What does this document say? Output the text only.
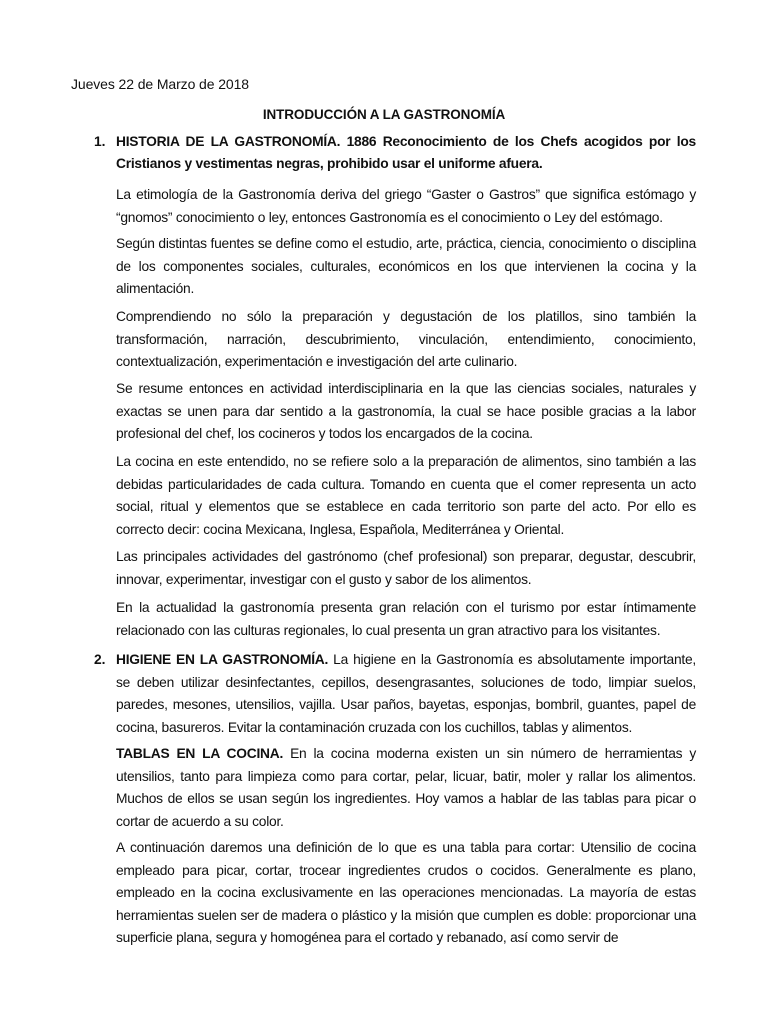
Jueves 22 de Marzo de 2018
INTRODUCCIÓN A LA GASTRONOMÍA
1. HISTORIA DE LA GASTRONOMÍA. 1886 Reconocimiento de los Chefs acogidos por los Cristianos y vestimentas negras, prohibido usar el uniforme afuera.

La etimología de la Gastronomía deriva del griego “Gaster o Gastros” que significa estómago y “gnomos” conocimiento o ley, entonces Gastronomía es el conocimiento o Ley del estómago.

Según distintas fuentes se define como el estudio, arte, práctica, ciencia, conocimiento o disciplina de los componentes sociales, culturales, económicos en los que intervienen la cocina y la alimentación.

Comprendiendo no sólo la preparación y degustación de los platillos, sino también la transformación, narración, descubrimiento, vinculación, entendimiento, conocimiento, contextualización, experimentación e investigación del arte culinario.

Se resume entonces en actividad interdisciplinaria en la que las ciencias sociales, naturales y exactas se unen para dar sentido a la gastronomía, la cual se hace posible gracias a la labor profesional del chef, los cocineros y todos los encargados de la cocina.

La cocina en este entendido, no se refiere solo a la preparación de alimentos, sino también a las debidas particularidades de cada cultura. Tomando en cuenta que el comer representa un acto social, ritual y elementos que se establece en cada territorio son parte del acto. Por ello es correcto decir: cocina Mexicana, Inglesa, Española, Mediterránea y Oriental.

Las principales actividades del gastrónomo (chef profesional) son preparar, degustar, descubrir, innovar, experimentar, investigar con el gusto y sabor de los alimentos.

En la actualidad la gastronomía presenta gran relación con el turismo por estar íntimamente relacionado con las culturas regionales, lo cual presenta un gran atractivo para los visitantes.

2. HIGIENE EN LA GASTRONOMÍA. La higiene en la Gastronomía es absolutamente importante, se deben utilizar desinfectantes, cepillos, desengrasantes, soluciones de todo, limpiar suelos, paredes, mesones, utensilios, vajilla. Usar paños, bayetas, esponjas, bombril, guantes, papel de cocina, basureros. Evitar la contaminación cruzada con los cuchillos, tablas y alimentos.

TABLAS EN LA COCINA. En la cocina moderna existen un sin número de herramientas y utensilios, tanto para limpieza como para cortar, pelar, licuar, batir, moler y rallar los alimentos. Muchos de ellos se usan según los ingredientes. Hoy vamos a hablar de las tablas para picar o cortar de acuerdo a su color.

A continuación daremos una definición de lo que es una tabla para cortar: Utensilio de cocina empleado para picar, cortar, trocear ingredientes crudos o cocidos. Generalmente es plano, empleado en la cocina exclusivamente en las operaciones mencionadas. La mayoría de estas herramientas suelen ser de madera o plástico y la misión que cumplen es doble: proporcionar una superficie plana, segura y homogénea para el cortado y rebanado, así como servir de
